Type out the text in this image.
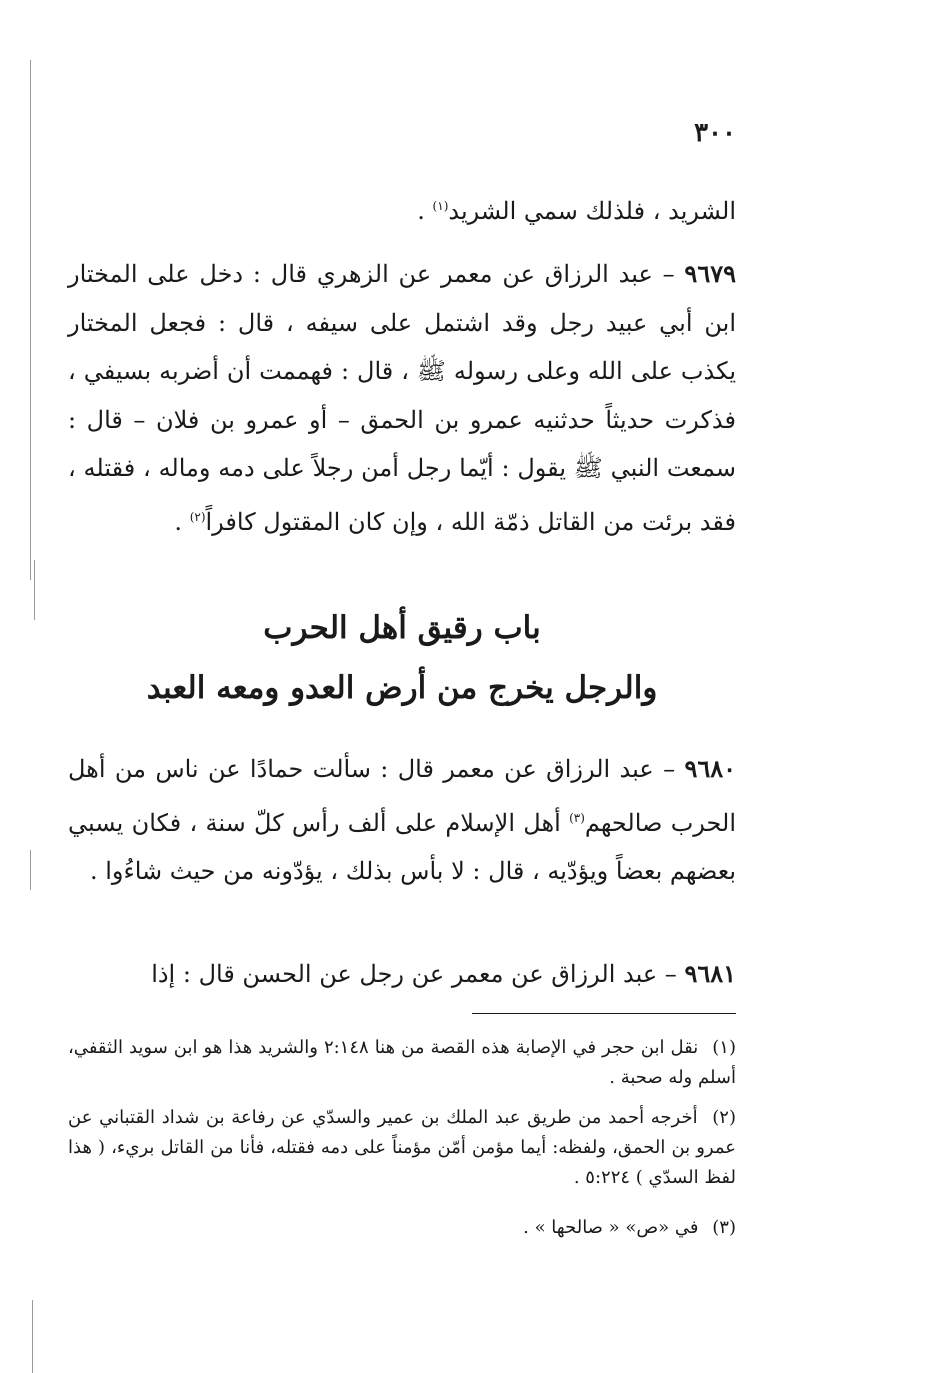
٣٠٠

الشريد ، فلذلك سمي الشريد$^{(١)}$ .

٩٦٧٩ – عبد الرزاق عن معمر عن الزهري قال : دخل على المختار ابن أبي عبيد رجل وقد اشتمل على سيفه ، قال : فجعل المختار يكذب على الله وعلى رسوله ﷺ ، قال : فهممت أن أضربه بسيفي ، فذكرت حديثاً حدثنيه عمرو بن الحمق – أو عمرو بن فلان – قال : سمعت النبي ﷺ يقول : أيّما رجل أمن رجلاً على دمه وماله ، فقتله ، فقد برئت من القاتل ذمّة الله ، وإن كان المقتول كافراً$^{(٢)}$ .

باب رقيق أهل الحرب
والرجل يخرج من أرض العدو ومعه العبد

٩٦٨٠ – عبد الرزاق عن معمر قال : سألت حمادًا عن ناس من أهل الحرب صالحهم$^{(٣)}$ أهل الإسلام على ألف رأس كلّ سنة ، فكان يسبي بعضهم بعضاً ويؤدّيه ، قال : لا بأس بذلك ، يؤدّونه من حيث شاءُوا .

٩٦٨١ – عبد الرزاق عن معمر عن رجل عن الحسن قال : إذا

(١) نقل ابن حجر في الإصابة هذه القصة من هنا ٢:١٤٨ والشريد هذا هو ابن سويد الثقفي، أسلم وله صحبة .

(٢) أخرجه أحمد من طريق عبد الملك بن عمير والسدّي عن رفاعة بن شداد القتباني عن عمرو بن الحمق، ولفظه: أيما مؤمن أمّن مؤمناً على دمه فقتله، فأنا من القاتل بريء، ( هذا لفظ السدّي ) ٥:٢٢٤ .

(٣) في «ص» « صالحها » .
